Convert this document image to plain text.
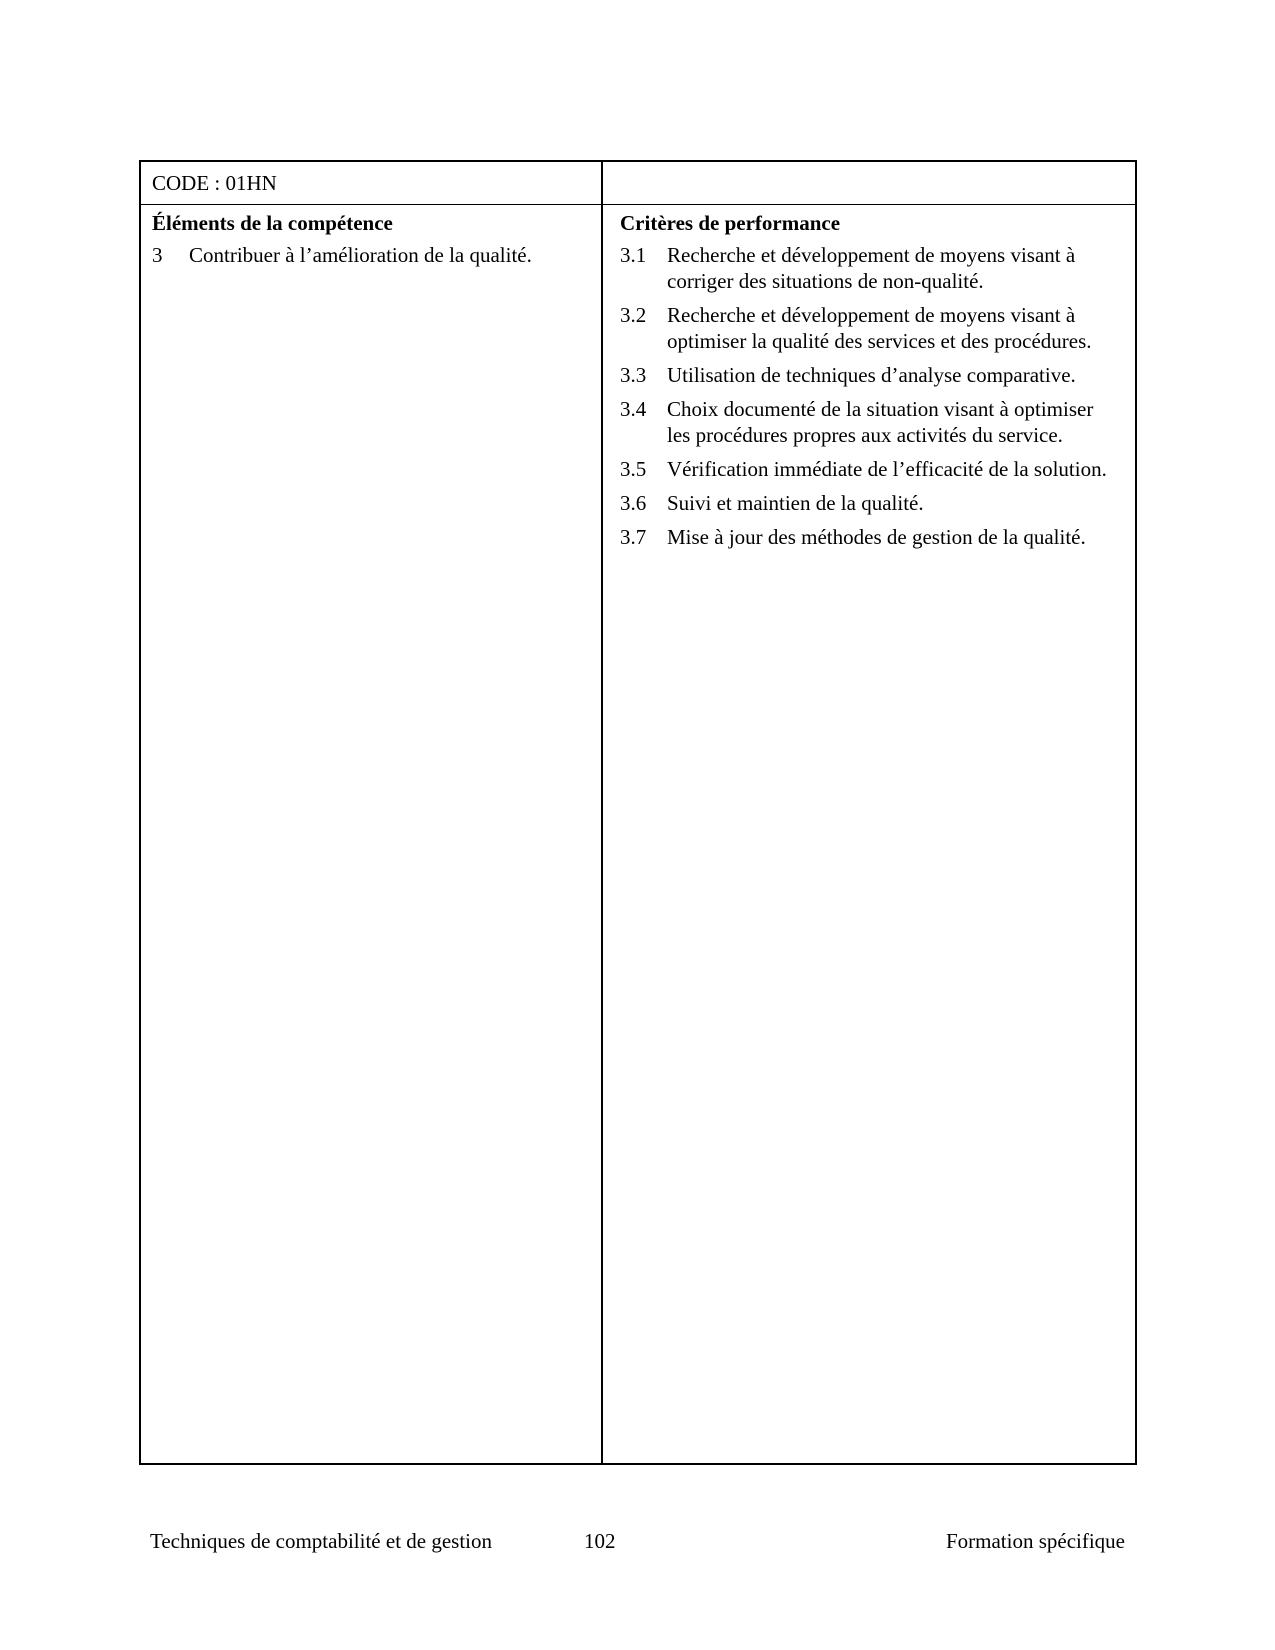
CODE : 01HN
Éléments de la compétence
3	Contribuer à l’amélioration de la qualité.
Critères de performance
3.1 Recherche et développement de moyens visant à corriger des situations de non-qualité.
3.2 Recherche et développement de moyens visant à optimiser la qualité des services et des procédures.
3.3 Utilisation de techniques d’analyse comparative.
3.4 Choix documenté de la situation visant à optimiser les procédures propres aux activités du service.
3.5 Vérification immédiate de l’efficacité de la solution.
3.6 Suivi et maintien de la qualité.
3.7 Mise à jour des méthodes de gestion de la qualité.
Techniques de comptabilité et de gestion	102	Formation spécifique
